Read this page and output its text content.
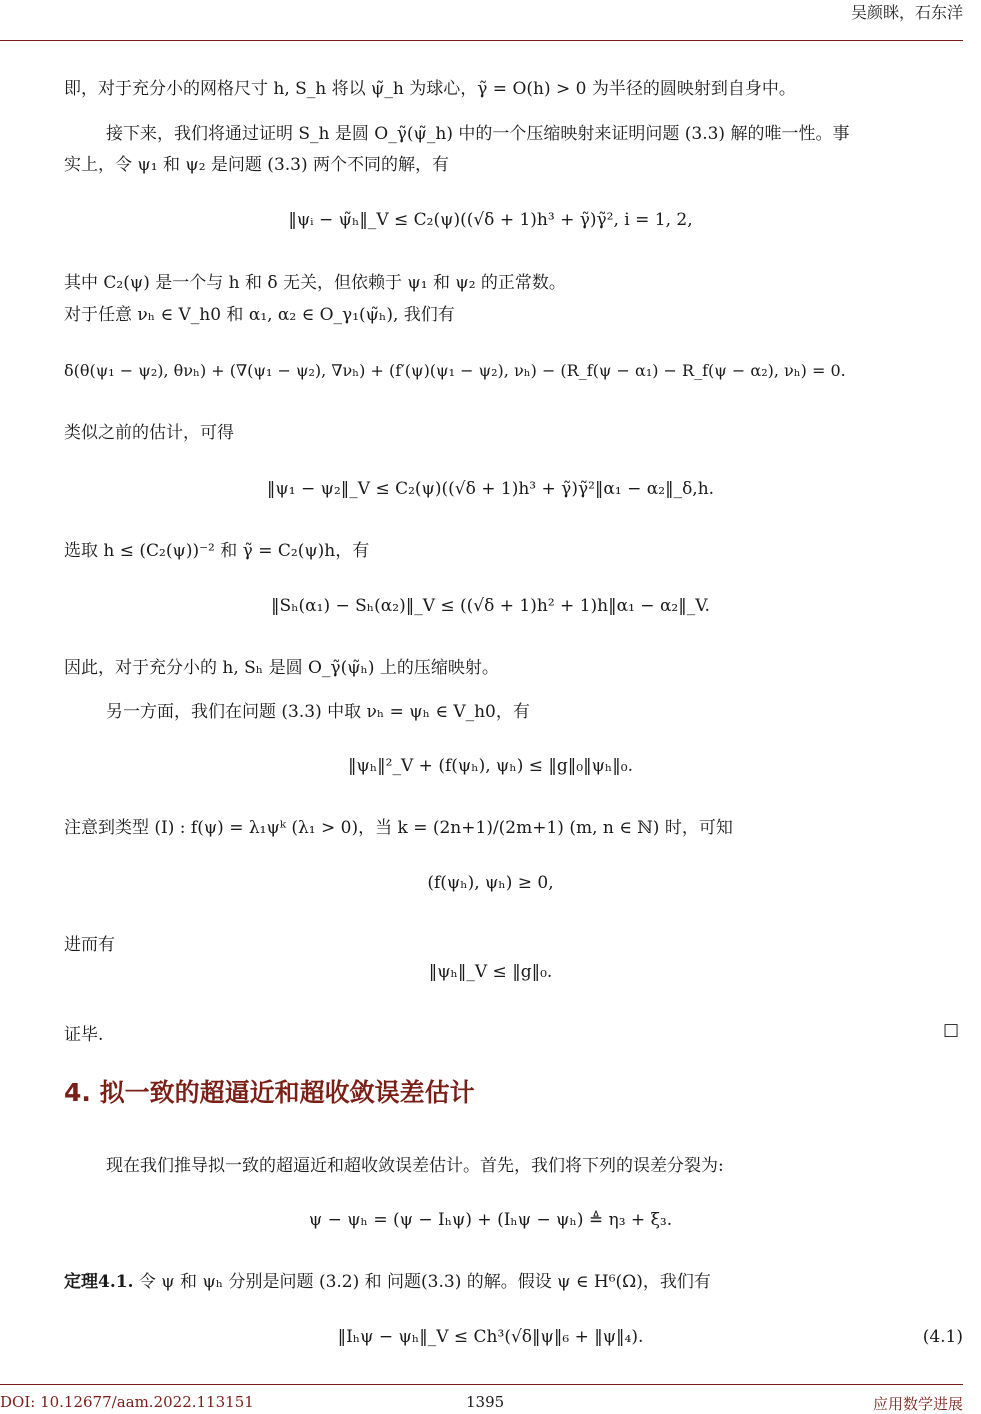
吴颜眯，石东洋
即，对于充分小的网格尺寸 h, S_h 将以 ψ̃_h 为球心，γ̃ = O(h) > 0 为半径的圆映射到自身中。
接下来，我们将通过证明 S_h 是圆 O_γ̃(ψ̃_h) 中的一个压缩映射来证明问题 (3.3) 解的唯一性。事
实上，令 ψ₁ 和 ψ₂ 是问题 (3.3) 两个不同的解，有
‖ψᵢ − ψ̃ₕ‖_V ≤ C₂(ψ)((√δ + 1)h³ + γ̃)γ̃², i = 1, 2,
其中 C₂(ψ) 是一个与 h 和 δ 无关，但依赖于 ψ₁ 和 ψ₂ 的正常数。
对于任意 νₕ ∈ V_h0 和 α₁, α₂ ∈ O_γ₁(ψ̃ₕ), 我们有
δ(θ(ψ₁ − ψ₂), θνₕ) + (∇(ψ₁ − ψ₂), ∇νₕ) + (f′(ψ)(ψ₁ − ψ₂), νₕ) − (R_f(ψ − α₁) − R_f(ψ − α₂), νₕ) = 0.
类似之前的估计，可得
‖ψ₁ − ψ₂‖_V ≤ C₂(ψ)((√δ + 1)h³ + γ̃)γ̃²‖α₁ − α₂‖_δ,h.
选取 h ≤ (C₂(ψ))⁻² 和 γ̃ = C₂(ψ)h，有
‖Sₕ(α₁) − Sₕ(α₂)‖_V ≤ ((√δ + 1)h² + 1)h‖α₁ − α₂‖_V.
因此，对于充分小的 h, Sₕ 是圆 O_γ̃(ψ̃ₕ) 上的压缩映射。
另一方面，我们在问题 (3.3) 中取 νₕ = ψₕ ∈ V_h0，有
‖ψₕ‖²_V + (f(ψₕ), ψₕ) ≤ ‖g‖₀‖ψₕ‖₀.
注意到类型 (I) : f(ψ) = λ₁ψᵏ (λ₁ > 0)，当 k = (2n+1)/(2m+1) (m, n ∈ ℕ) 时，可知
(f(ψₕ), ψₕ) ≥ 0,
进而有
‖ψₕ‖_V ≤ ‖g‖₀.
证毕.	□
4. 拟一致的超逼近和超收敛误差估计
现在我们推导拟一致的超逼近和超收敛误差估计。首先，我们将下列的误差分裂为:
ψ − ψₕ = (ψ − Iₕψ) + (Iₕψ − ψₕ) ≜ η₃ + ξ₃.
定理4.1. 令 ψ 和 ψₕ 分别是问题 (3.2) 和 问题(3.3) 的解。假设 ψ ∈ H⁶(Ω)，我们有
‖Iₕψ − ψₕ‖_V ≤ Ch³(√δ‖ψ‖₆ + ‖ψ‖₄).	(4.1)
DOI: 10.12677/aam.2022.113151	1395	应用数学进展
